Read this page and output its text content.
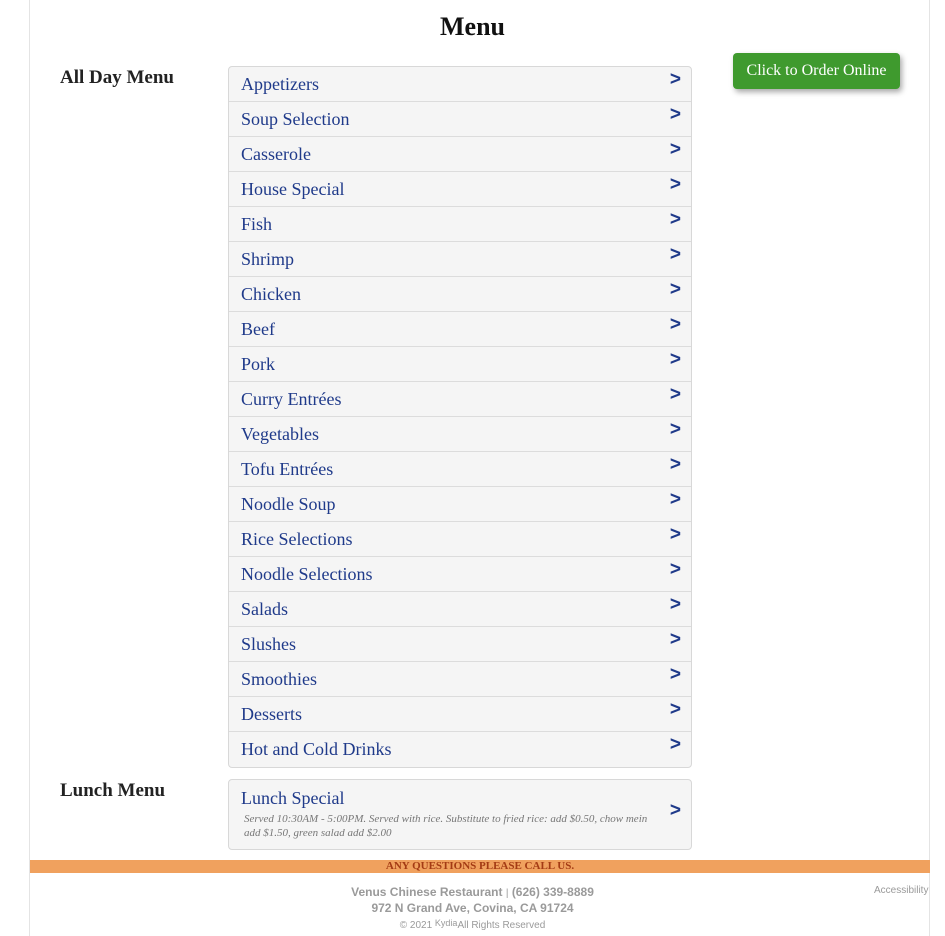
Menu
Click to Order Online
All Day Menu	Appetizers	>
Soup Selection	>
Casserole	>
House Special	>
Fish	>
Shrimp	>
Chicken	>
Beef	>
Pork	>
Curry Entrées	>
Vegetables	>
Tofu Entrées	>
Noodle Soup	>
Rice Selections	>
Noodle Selections	>
Salads	>
Slushes	>
Smoothies	>
Desserts	>
Hot and Cold Drinks	>
Lunch Menu	Lunch Special
Served 10:30AM - 5:00PM. Served with rice. Substitute to fried rice: add $0.50, chow mein add $1.50, green salad add $2.00
>
ANY QUESTIONS PLEASE CALL US.
Venus Chinese Restaurant | (626) 339-8889
972 N Grand Ave, Covina, CA 91724
© 2021 KydiaAll Rights Reserved
Accessibility
